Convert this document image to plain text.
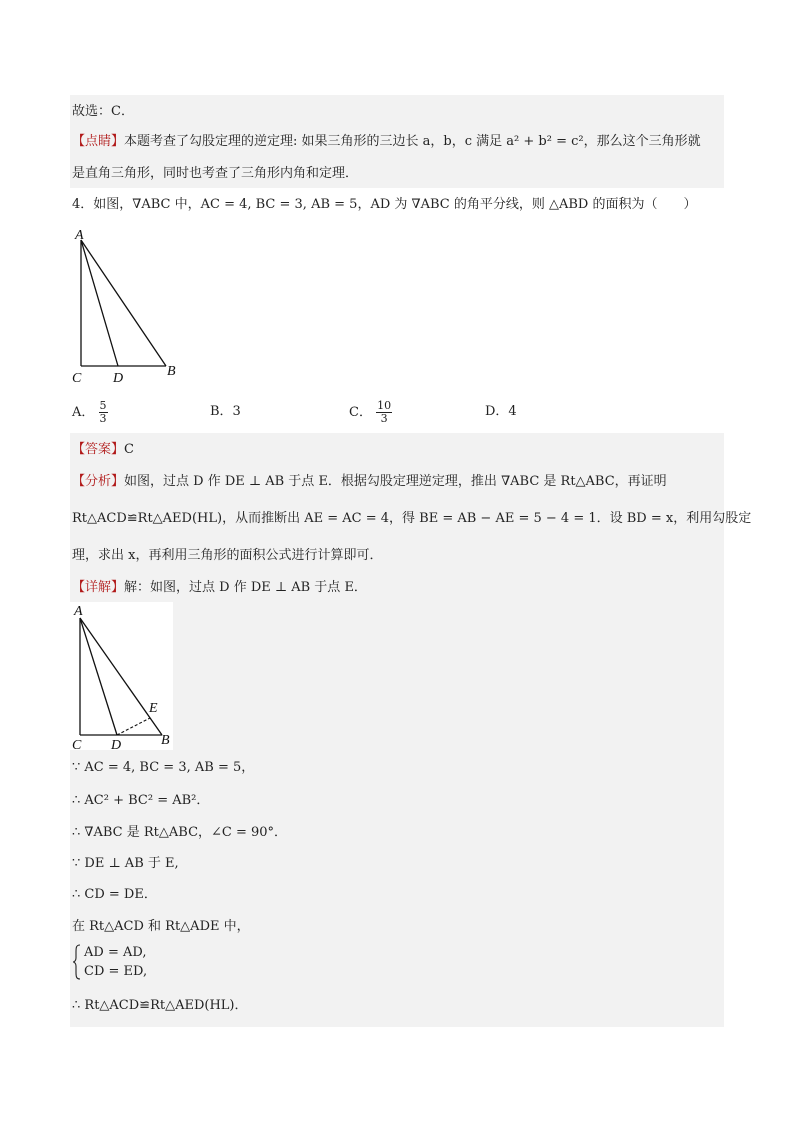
故选：C．
【点睛】本题考查了勾股定理的逆定理: 如果三角形的三边长 a，b，c 满足 a² + b² = c²，那么这个三角形就
是直角三角形，同时也考查了三角形内角和定理．
4．如图，∇ABC 中，AC = 4, BC = 3, AB = 5，AD 为 ∇ABC 的角平分线，则 △ABD 的面积为（　　）
A
C D	B
A． $\frac{5}{3}$	B．3	C． $\frac{10}{3}$	D．4
【答案】C
【分析】如图，过点 D 作 DE ⊥ AB 于点 E．根据勾股定理逆定理，推出 ∇ABC 是 Rt△ABC，再证明
Rt△ACD≌Rt△AED(HL)，从而推断出 AE = AC = 4，得 BE = AB − AE = 5 − 4 = 1．设 BD = x，利用勾股定
理，求出 x，再利用三角形的面积公式进行计算即可．
【详解】解：如图，过点 D 作 DE ⊥ AB 于点 E．
A
E
C D	B
∵ AC = 4, BC = 3, AB = 5，
∴ AC² + BC² = AB²．
∴ ∇ABC 是 Rt△ABC，∠C = 90°．
∵ DE ⊥ AB 于 E,
∴ CD = DE．
在 Rt△ACD 和 Rt△ADE 中，
AD = AD,
CD = ED,
∴ Rt△ACD≌Rt△AED(HL)．
